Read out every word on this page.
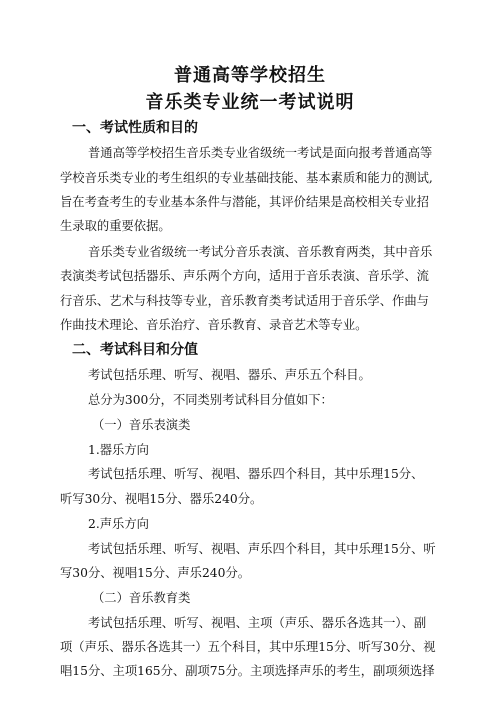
普通高等学校招生
音乐类专业统一考试说明
一、考试性质和目的
普通高等学校招生音乐类专业省级统一考试是面向报考普通高等
学校音乐类专业的考生组织的专业基础技能、基本素质和能力的测试,
旨在考查考生的专业基本条件与潜能，其评价结果是高校相关专业招
生录取的重要依据。
音乐类专业省级统一考试分音乐表演、音乐教育两类，其中音乐
表演类考试包括器乐、声乐两个方向，适用于音乐表演、音乐学、流
行音乐、艺术与科技等专业，音乐教育类考试适用于音乐学、作曲与
作曲技术理论、音乐治疗、音乐教育、录音艺术等专业。
二、考试科目和分值
考试包括乐理、听写、视唱、器乐、声乐五个科目。
总分为300分，不同类别考试科目分值如下：
（一）音乐表演类
1.器乐方向
考试包括乐理、听写、视唱、器乐四个科目，其中乐理15分、
听写30分、视唱15分、器乐240分。
2.声乐方向
考试包括乐理、听写、视唱、声乐四个科目，其中乐理15分、听
写30分、视唱15分、声乐240分。
（二）音乐教育类
考试包括乐理、听写、视唱、主项（声乐、器乐各选其一）、副
项（声乐、器乐各选其一）五个科目，其中乐理15分、听写30分、视
唱15分、主项165分、副项75分。主项选择声乐的考生，副项须选择
